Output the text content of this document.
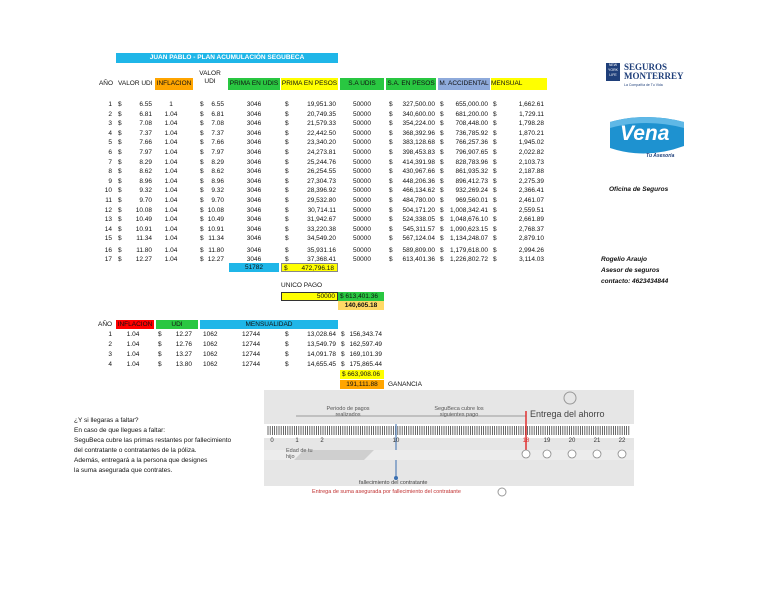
JUAN PABLO - PLAN ACUMULACIÓN SEGUBECA
AÑO VALOR UDI INFLACION
VALOR
UDI	PRIMA EN UDIS PRIMA EN PESOS	S.A UDIS	S.A. EN PESOS M. ACCIDENTAL MENSUAL
1 $	6.55	1	$	6.55	3046	$	19,951.30	50000	$	327,500.00 $	655,000.00 $	1,662.61
2 $	6.81	1.04	$	6.81	3046	$	20,749.35	50000	$	340,600.00 $	681,200.00 $	1,729.11
3 $	7.08	1.04	$	7.08	3046	$	21,579.33	50000	$	354,224.00 $	708,448.00 $	1,798.28
4 $	7.37	1.04	$	7.37	3046	$	22,442.50	50000	$	368,392.96 $	736,785.92 $	1,870.21
5 $	7.66	1.04	$	7.66	3046	$	23,340.20	50000	$	383,128.68 $	766,257.36 $	1,945.02
6 $	7.97	1.04	$	7.97	3046	$	24,273.81	50000	$	398,453.83 $	796,907.65 $	2,022.82
7 $	8.29	1.04	$	8.29	3046	$	25,244.76	50000	$	414,391.98 $	828,783.96 $	2,103.73
8 $	8.62	1.04	$	8.62	3046	$	26,254.55	50000	$	430,967.66 $	861,935.32 $	2,187.88
9 $	8.96	1.04	$	8.96	3046	$	27,304.73	50000	$	448,206.36 $	896,412.73 $	2,275.39
10 $	9.32	1.04	$	9.32	3046	$	28,396.92	50000	$	466,134.62 $	932,269.24 $	2,366.41
11 $	9.70	1.04	$	9.70	3046	$	29,532.80	50000	$	484,780.00 $	969,560.01 $	2,461.07
12 $	10.08	1.04	$ 10.08	3046	$	30,714.11	50000	$	504,171.20 $ 1,008,342.41 $	2,559.51
13 $	10.49	1.04	$ 10.49	3046	$	31,942.67	50000	$	524,338.05 $ 1,048,676.10 $	2,661.89
14 $	10.91	1.04	$ 10.91	3046	$	33,220.38	50000	$	545,311.57 $ 1,090,623.15 $	2,768.37
15 $	11.34	1.04	$ 11.34	3046	$	34,549.20	50000	$	567,124.04 $ 1,134,248.07 $	2,879.10
16 $	11.80	1.04	$ 11.80	3046	$	35,931.16	50000	$	589,809.00 $ 1,179,618.00 $	2,994.26
17 $	12.27	1.04	$ 12.27	3046	$	37,368.41	50000	$	613,401.36 $ 1,226,802.72 $	3,114.03
51782	$ 472,796.18
UNICO PAGO
50000 $ 613,401.36
140,605.18
AÑO INFLACION	UDI	MENSUALIDAD
1	1.04	$	12.27 1062	12744	$	13,028.64 $ 156,343.74
2	1.04	$	12.76 1062	12744	$	13,549.79 $ 162,597.49
3	1.04	$	13.27 1062	12744	$	14,091.78 $ 169,101.39
4	1.04	$	13.80 1062	12744	$	14,655.45 $ 175,865.44
$ 663,908.06
191,111.88	GANANCIA
¿Y si llegaras a faltar?
En caso de que llegues a faltar:
SeguBeca cubre las primas restantes por fallecimiento
del contratante o contratantes de la póliza.
Además, entregará a la persona que designes
la suma asegurada que contrates.
Periodo de pagos realizados
SeguBeca cubre los siguientes pago	Entrega del ahorro
Edad de tu hijo
fallecimiento del contratante
Entrega de suma asegurada por fallecimiento del contratante
0	1	2	10	18 19	20	21	22
NEW
YORK
LIFE
SEGUROS
MONTERREY
La Compañía de Tu Vida
Vena
Tu Asesoría
Oficina de Seguros
Rogelio Araujo
Asesor de seguros
contacto: 4623434844
